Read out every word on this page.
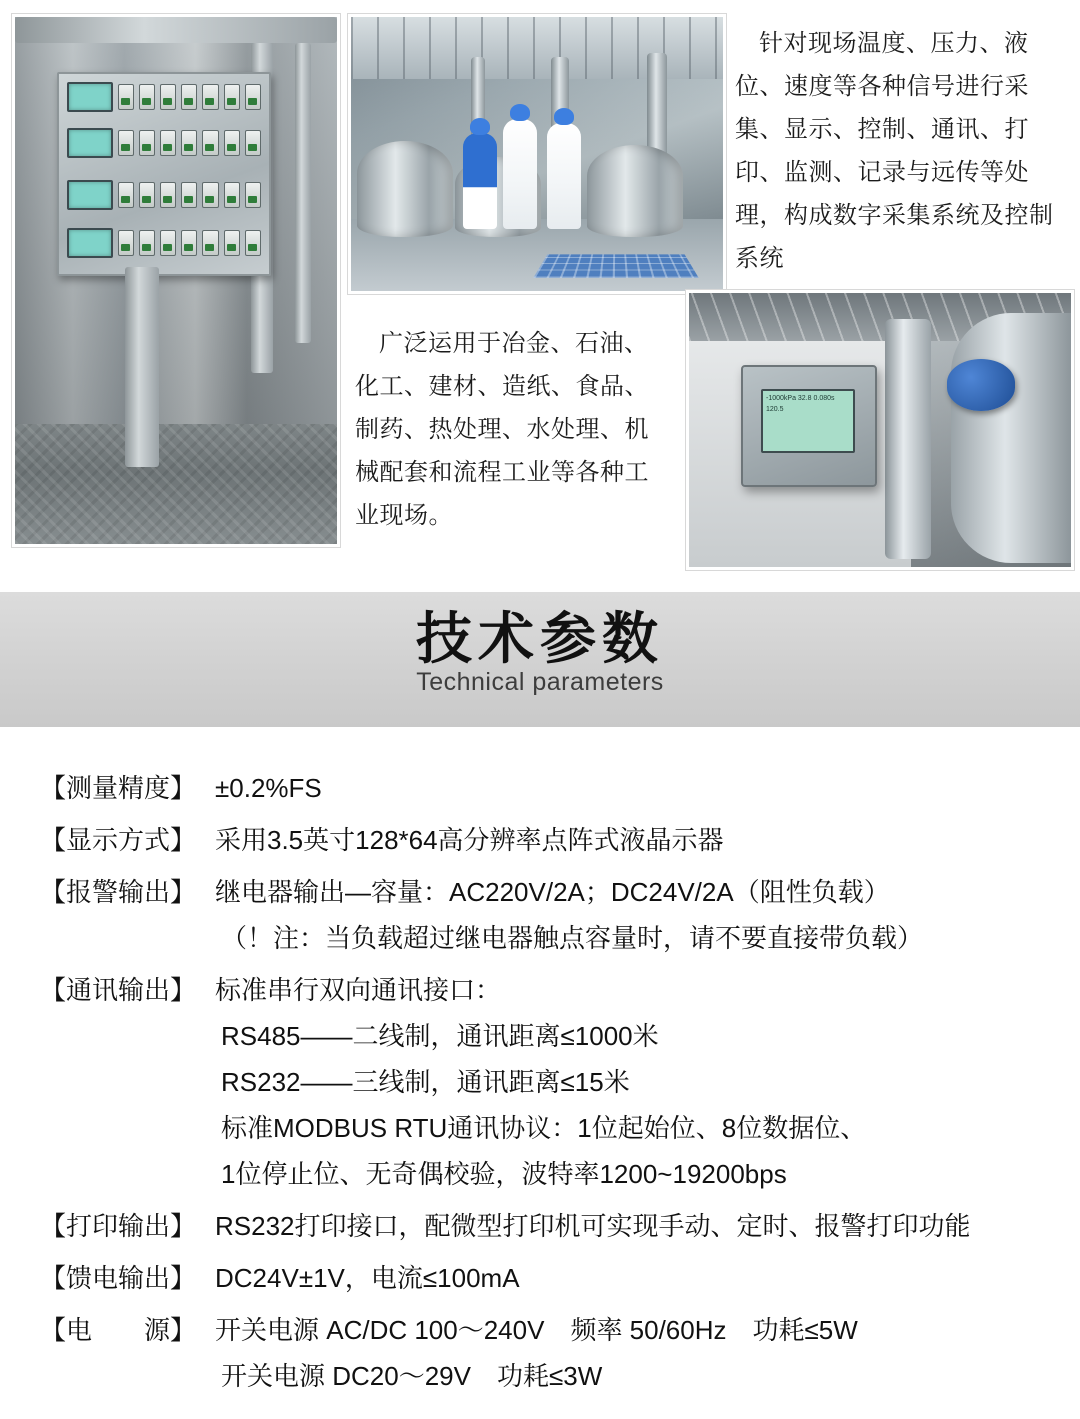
-1000kPa 32.8 0.080s 120.5
针对现场温度、压力、液位、速度等各种信号进行采集、显示、控制、通讯、打印、监测、记录与远传等处理，构成数字采集系统及控制系统
广泛运用于冶金、石油、化工、建材、造纸、食品、制药、热处理、水处理、机械配套和流程工业等各种工业现场。
技术参数
Technical parameters
【测量精度】 ±0.2%FS
【显示方式】 采用3.5英寸128*64高分辨率点阵式液晶示器
【报警输出】 继电器输出—容量：AC220V/2A；DC24V/2A（阻性负载）
（！注：当负载超过继电器触点容量时，请不要直接带负载）
【通讯输出】 标准串行双向通讯接口：
RS485——二线制，通讯距离≤1000米
RS232——三线制，通讯距离≤15米
标准MODBUS RTU通讯协议：1位起始位、8位数据位、
1位停止位、无奇偶校验，波特率1200~19200bps
【打印输出】 RS232打印接口，配微型打印机可实现手动、定时、报警打印功能
【馈电输出】 DC24V±1V，电流≤100mA
【电　　源】 开关电源 AC/DC 100～240V　频率 50/60Hz　功耗≤5W
开关电源 DC20～29V　功耗≤3W
